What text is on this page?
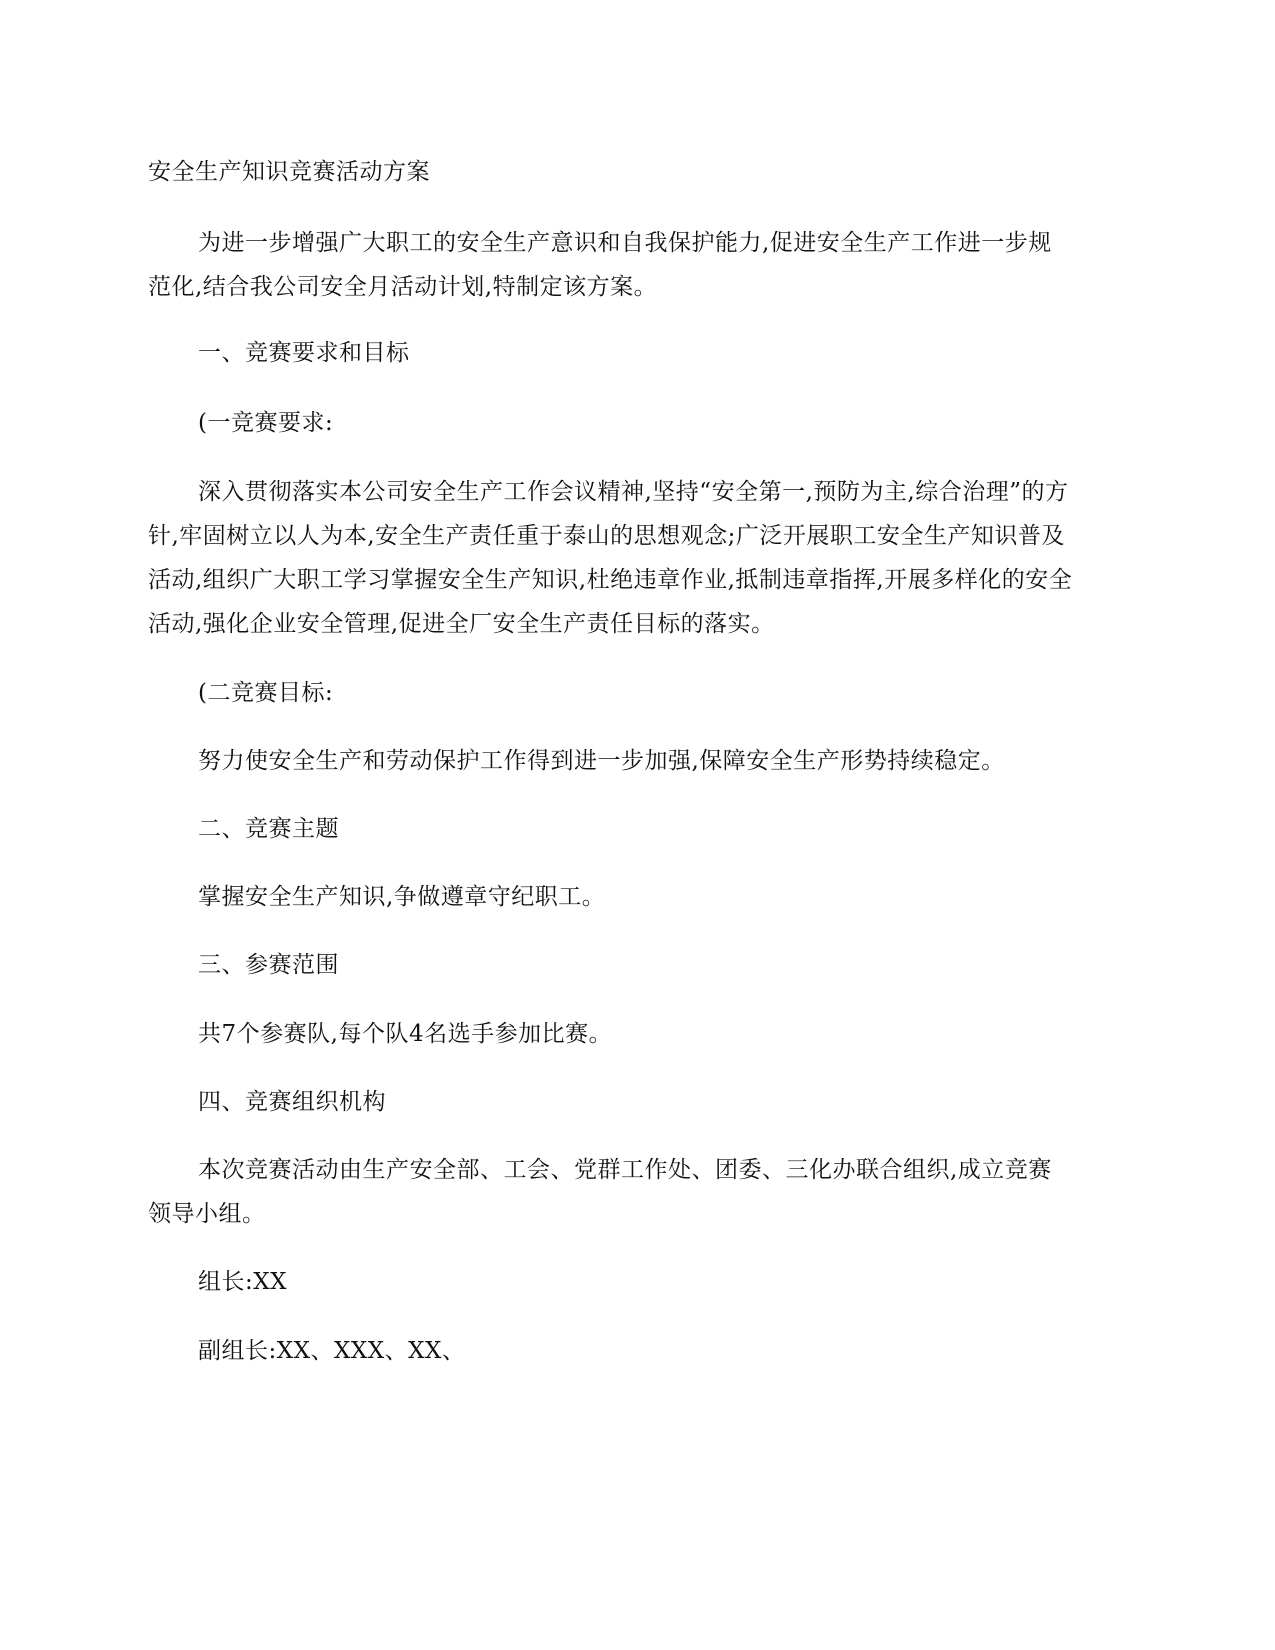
安全生产知识竞赛活动方案
为进一步增强广大职工的安全生产意识和自我保护能力,促进安全生产工作进一步规
范化,结合我公司安全月活动计划,特制定该方案。
一、竞赛要求和目标
(一竞赛要求:
深入贯彻落实本公司安全生产工作会议精神,坚持“安全第一,预防为主,综合治理”的方
针,牢固树立以人为本,安全生产责任重于泰山的思想观念;广泛开展职工安全生产知识普及
活动,组织广大职工学习掌握安全生产知识,杜绝违章作业,抵制违章指挥,开展多样化的安全
活动,强化企业安全管理,促进全厂安全生产责任目标的落实。
(二竞赛目标:
努力使安全生产和劳动保护工作得到进一步加强,保障安全生产形势持续稳定。
二、竞赛主题
掌握安全生产知识,争做遵章守纪职工。
三、参赛范围
共7个参赛队,每个队4名选手参加比赛。
四、竞赛组织机构
本次竞赛活动由生产安全部、工会、党群工作处、团委、三化办联合组织,成立竞赛
领导小组。
组长:XX
副组长:XX、XXX、XX、
